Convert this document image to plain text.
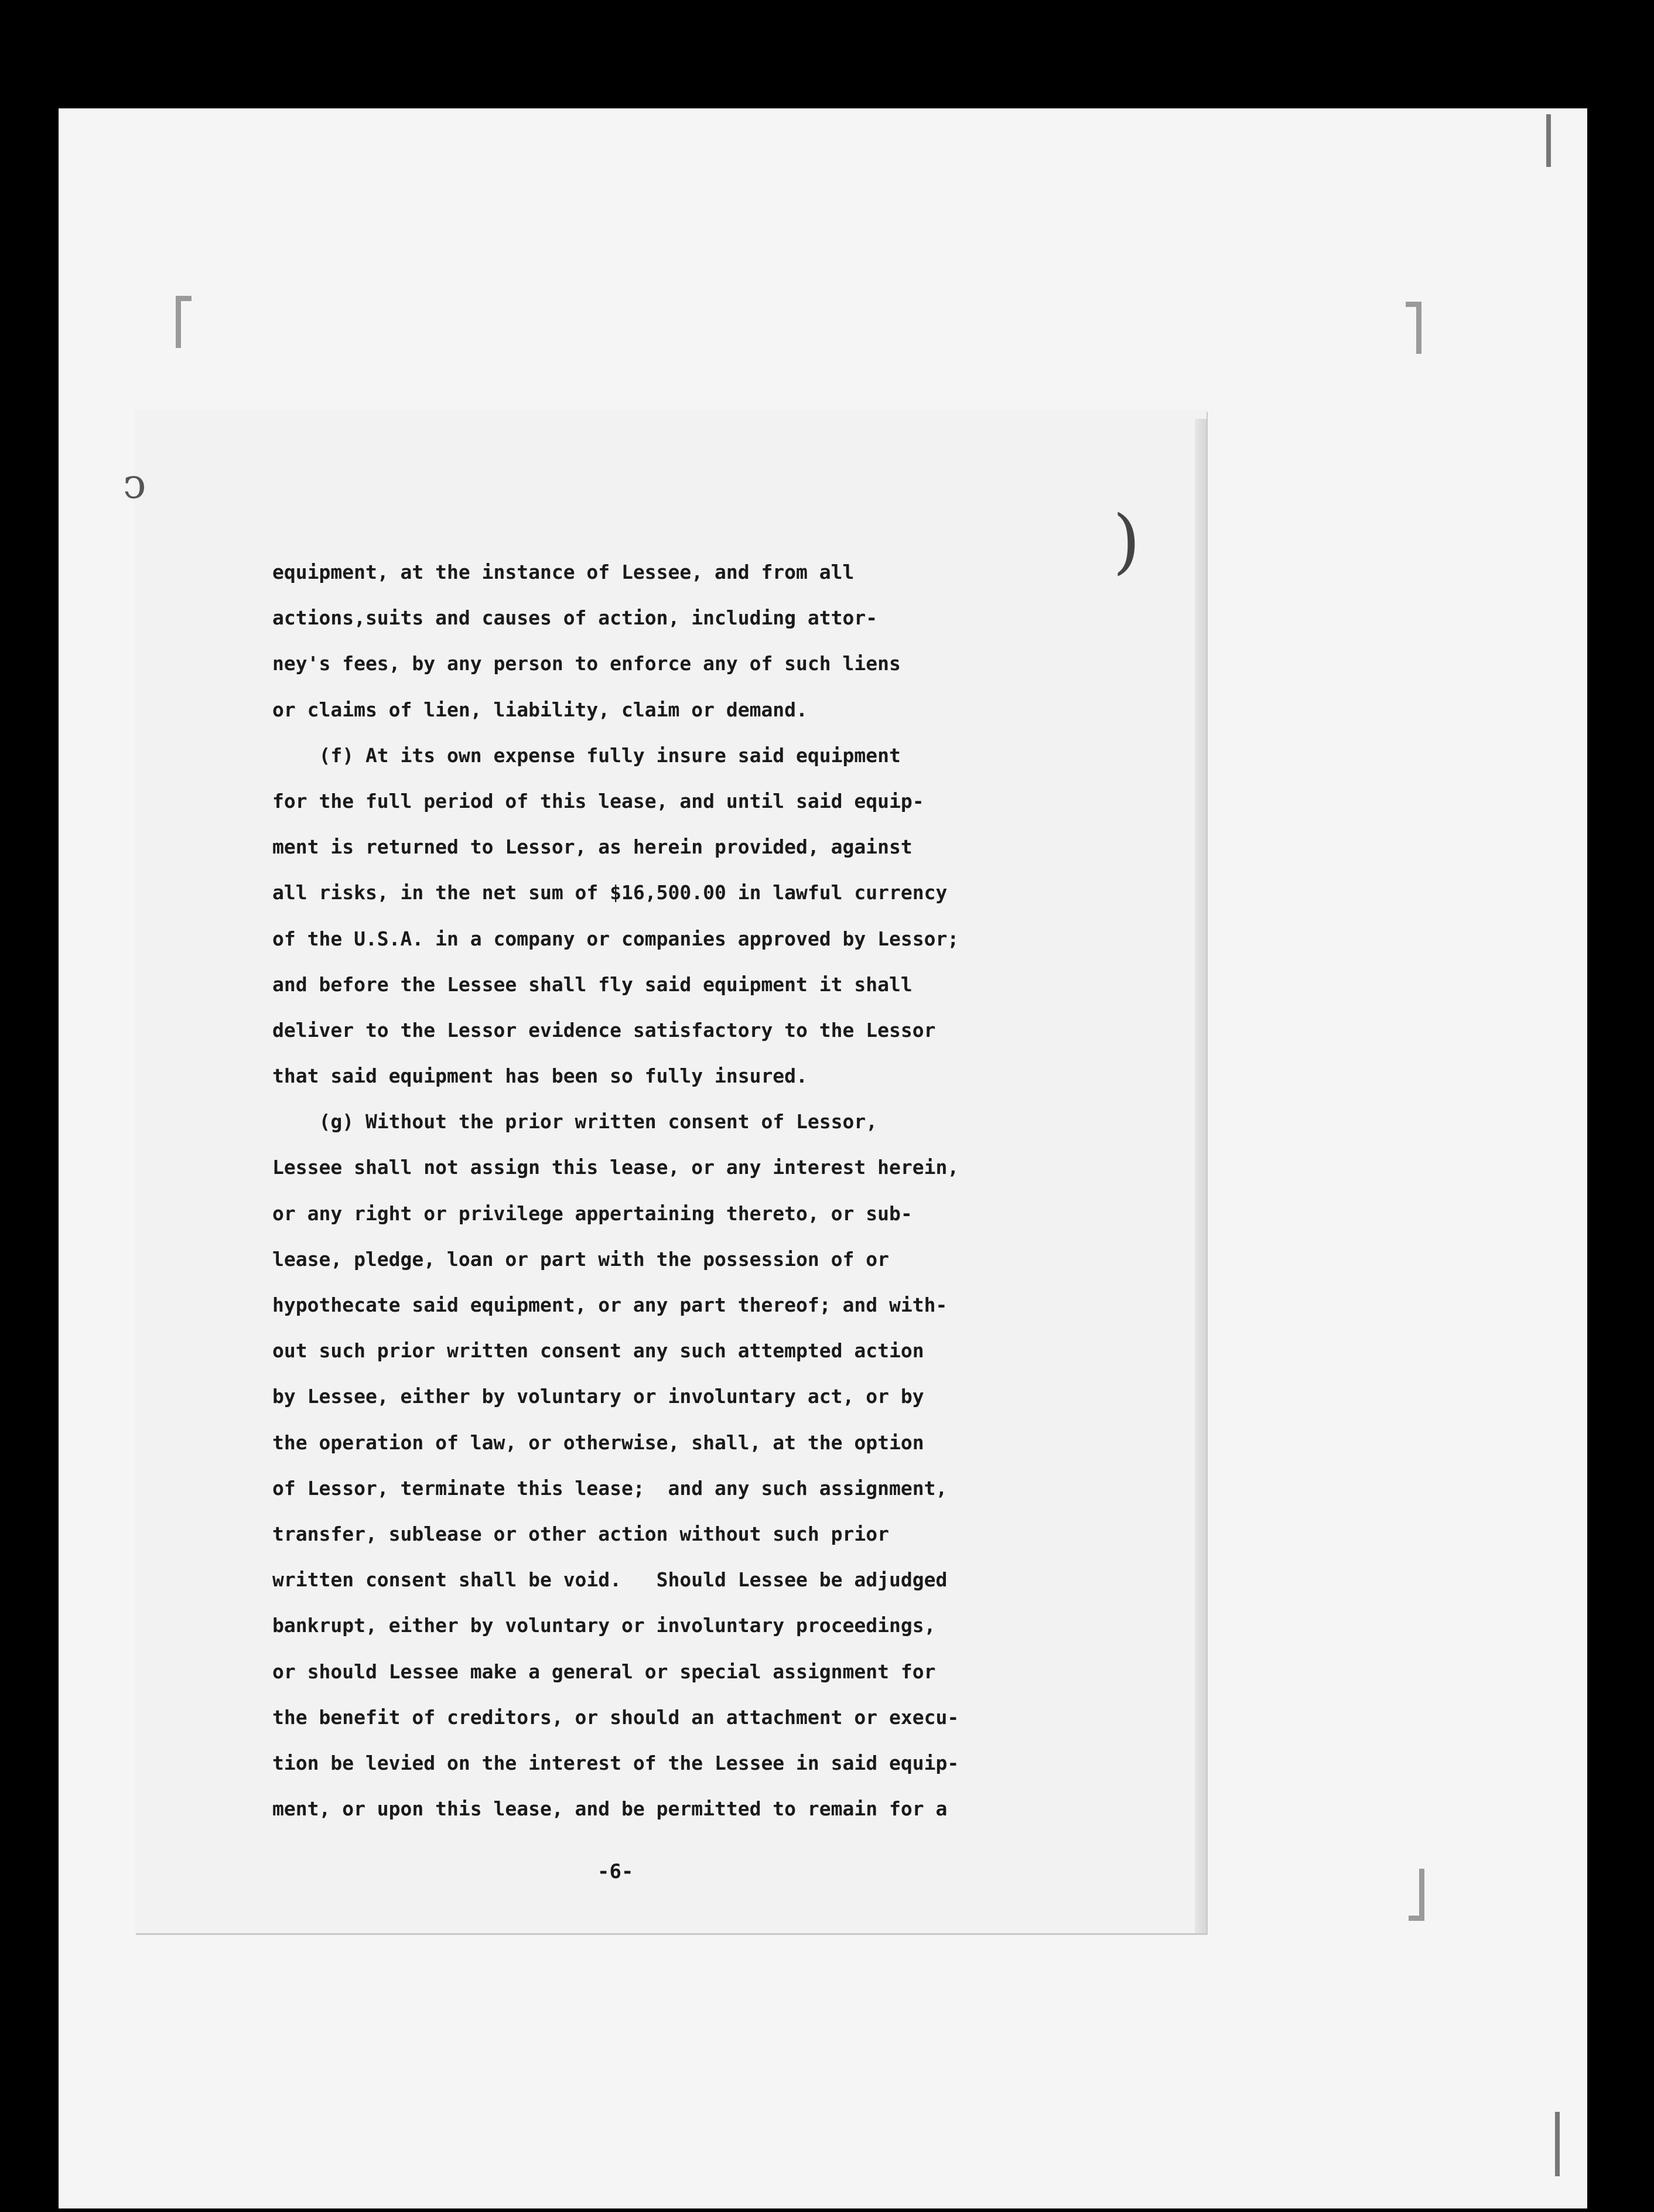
ↄ
)
equipment, at the instance of Lessee, and from all
actions,suits and causes of action, including attor-
ney's fees, by any person to enforce any of such liens
or claims of lien, liability, claim or demand.
(f) At its own expense fully insure said equipment
for the full period of this lease, and until said equip-
ment is returned to Lessor, as herein provided, against
all risks, in the net sum of $16,500.00 in lawful currency
of the U.S.A. in a company or companies approved by Lessor;
and before the Lessee shall fly said equipment it shall
deliver to the Lessor evidence satisfactory to the Lessor
that said equipment has been so fully insured.
(g) Without the prior written consent of Lessor,
Lessee shall not assign this lease, or any interest herein,
or any right or privilege appertaining thereto, or sub-
lease, pledge, loan or part with the possession of or
hypothecate said equipment, or any part thereof; and with-
out such prior written consent any such attempted action
by Lessee, either by voluntary or involuntary act, or by
the operation of law, or otherwise, shall, at the option
of Lessor, terminate this lease;  and any such assignment,
transfer, sublease or other action without such prior
written consent shall be void.   Should Lessee be adjudged
bankrupt, either by voluntary or involuntary proceedings,
or should Lessee make a general or special assignment for
the benefit of creditors, or should an attachment or execu-
tion be levied on the interest of the Lessee in said equip-
ment, or upon this lease, and be permitted to remain for a
-6-
